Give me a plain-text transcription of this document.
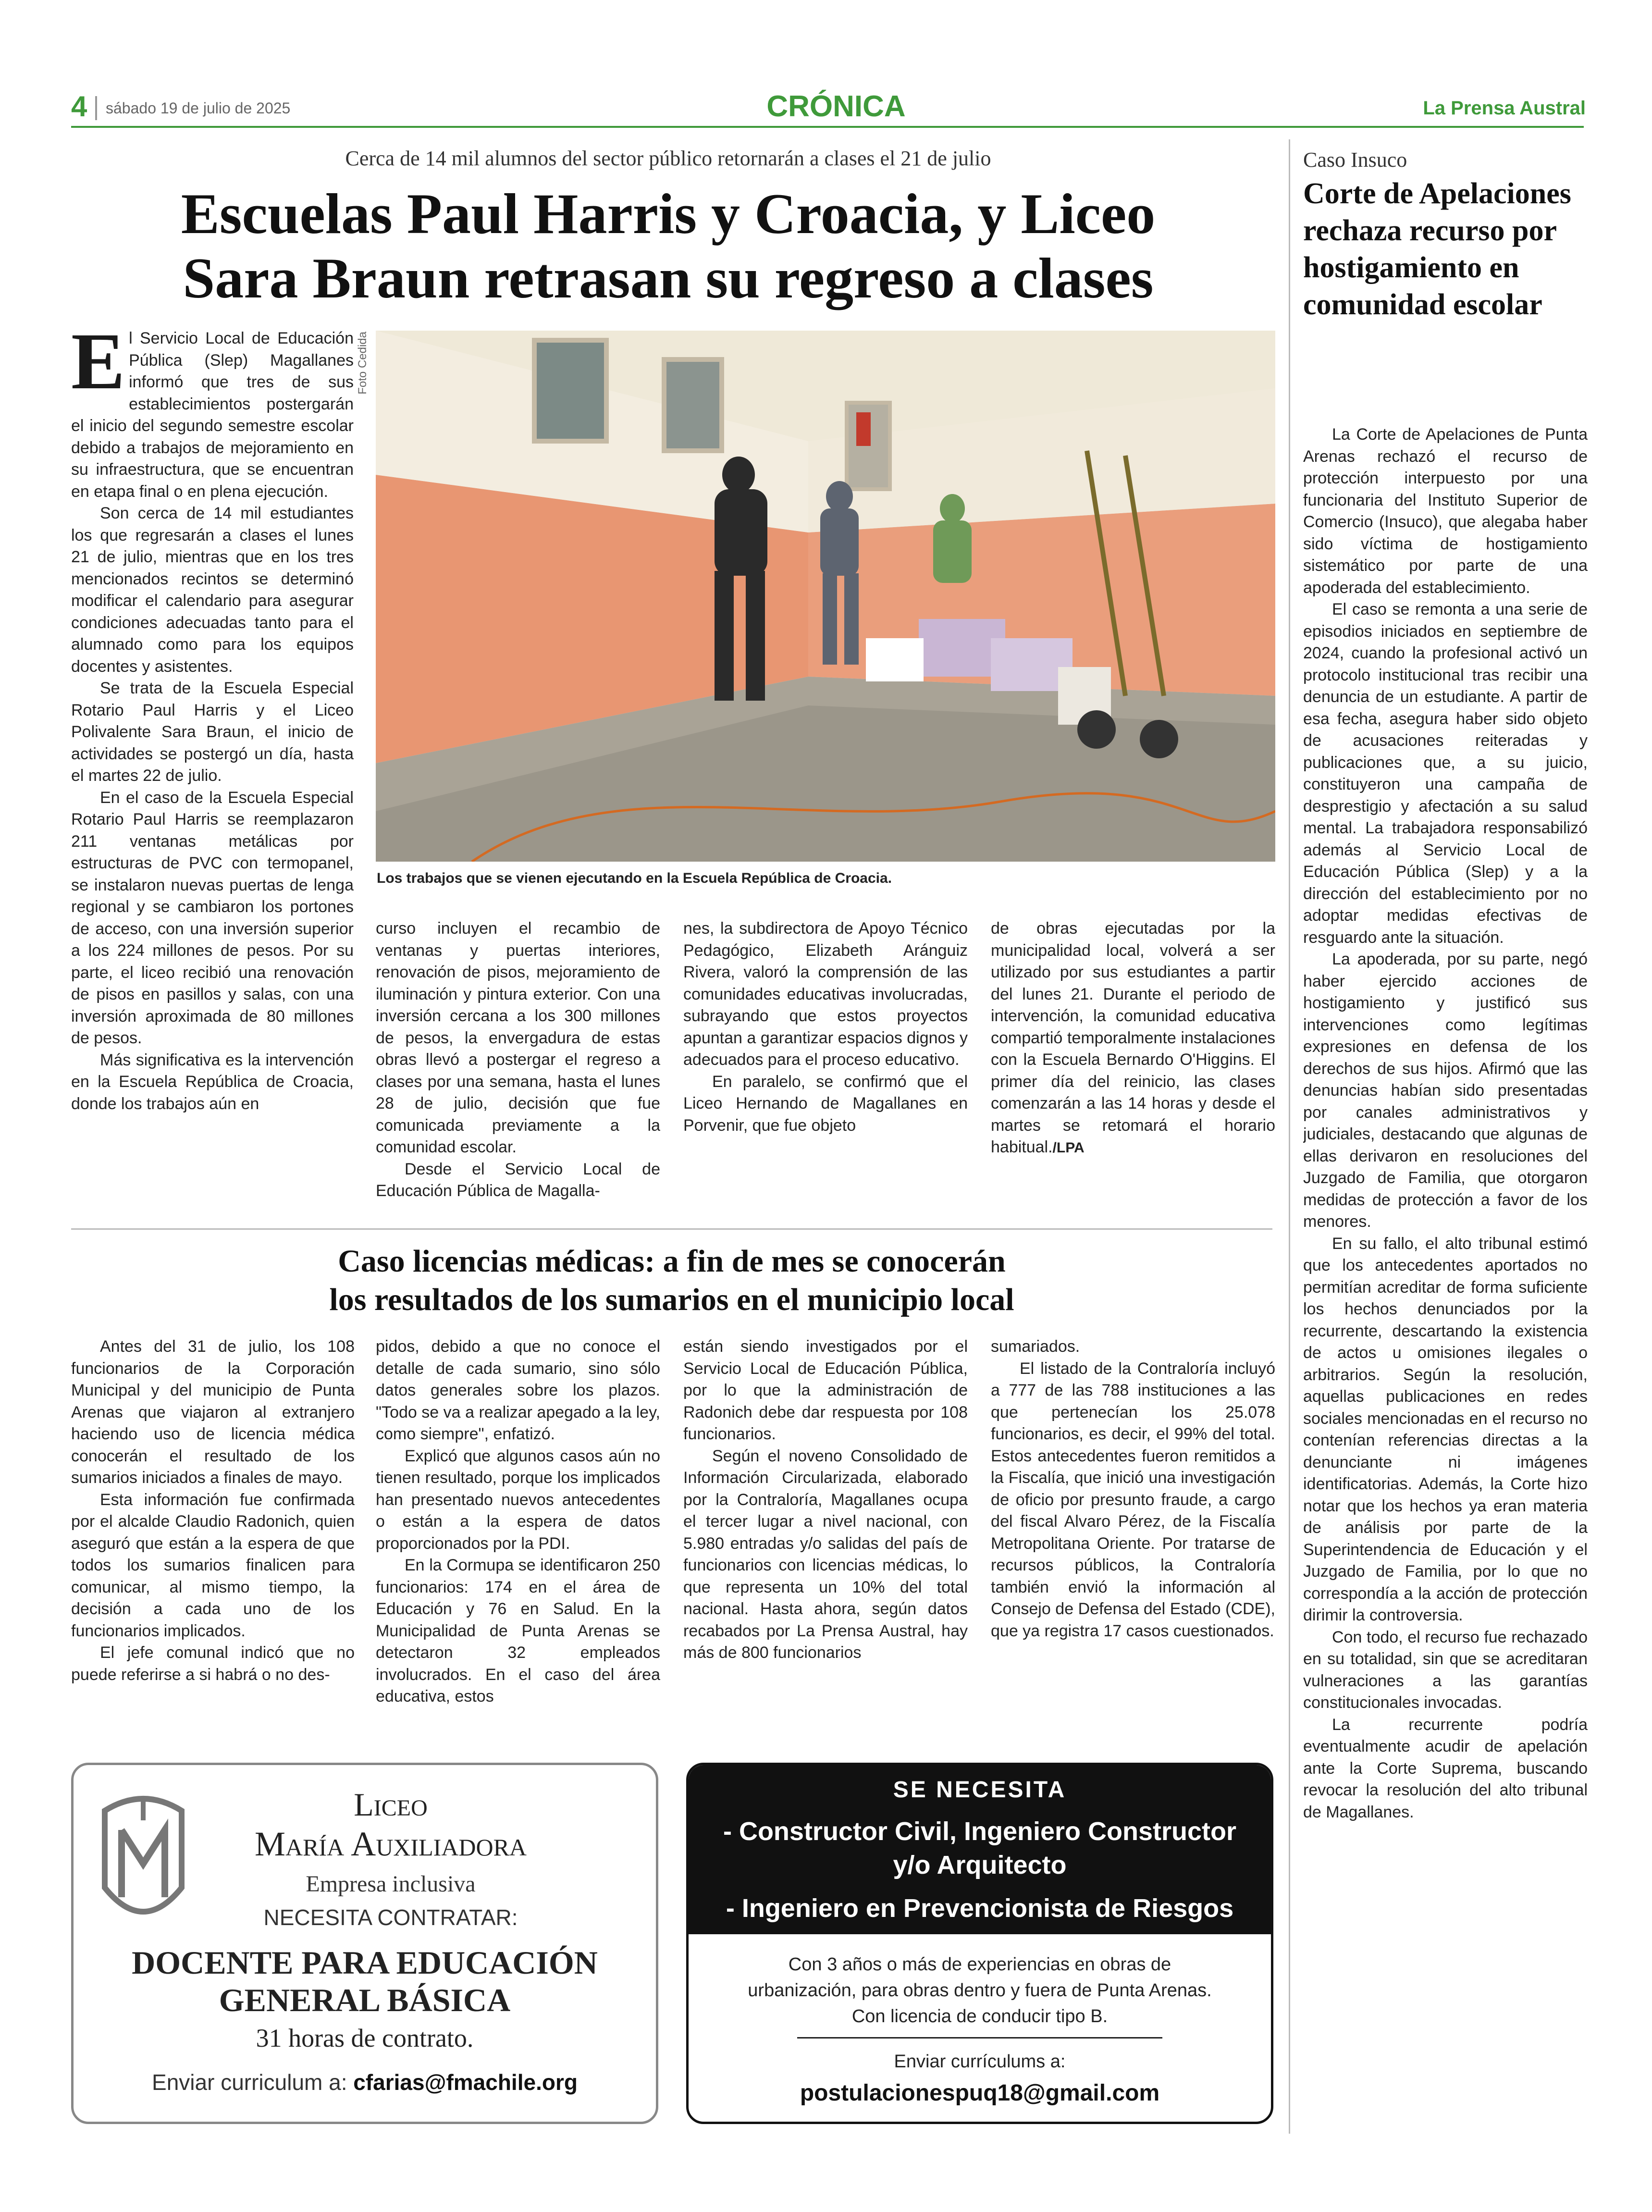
4 sábado 19 de julio de 2025	CRÓNICA	La Prensa Austral
Cerca de 14 mil alumnos del sector público retornarán a clases el 21 de julio
Escuelas Paul Harris y Croacia, y Liceo
Sara Braun retrasan su regreso a clases
E l Servicio Local de Educación Pública (Slep) Magallanes informó que tres de sus establecimientos postergarán el inicio del segundo semestre escolar debido a trabajos de mejoramiento en su infraestructura, que se encuentran en etapa final o en plena ejecución.

Son cerca de 14 mil estudiantes los que regresarán a clases el lunes 21 de julio, mientras que en los tres mencionados recintos se determinó modificar el calendario para asegurar condiciones adecuadas tanto para el alumnado como para los equipos docentes y asistentes.

Se trata de la Escuela Especial Rotario Paul Harris y el Liceo Polivalente Sara Braun, el inicio de actividades se postergó un día, hasta el martes 22 de julio.

En el caso de la Escuela Especial Rotario Paul Harris se reemplazaron 211 ventanas metálicas por estructuras de PVC con termopanel, se instalaron nuevas puertas de lenga regional y se cambiaron los portones de acceso, con una inversión superior a los 224 millones de pesos. Por su parte, el liceo recibió una renovación de pisos en pasillos y salas, con una inversión aproximada de 80 millones de pesos.

Más significativa es la intervención en la Escuela República de Croacia, donde los trabajos aún en

Foto Cedida
Los trabajos que se vienen ejecutando en la Escuela República de Croacia.

curso incluyen el recambio de ventanas y puertas interiores, renovación de pisos, mejoramiento de iluminación y pintura exterior. Con una inversión cercana a los 300 millones de pesos, la envergadura de estas obras llevó a postergar el regreso a clases por una semana, hasta el lunes 28 de julio, decisión que fue comunicada previamente a la comunidad escolar.

Desde el Servicio Local de Educación Pública de Magalla-

nes, la subdirectora de Apoyo Técnico Pedagógico, Elizabeth Aránguiz Rivera, valoró la comprensión de las comunidades educativas involucradas, subrayando que estos proyectos apuntan a garantizar espacios dignos y adecuados para el proceso educativo.

En paralelo, se confirmó que el Liceo Hernando de Magallanes en Porvenir, que fue objeto

de obras ejecutadas por la municipalidad local, volverá a ser utilizado por sus estudiantes a partir del lunes 21. Durante el periodo de intervención, la comunidad educativa compartió temporalmente instalaciones con la Escuela Bernardo O'Higgins. El primer día del reinicio, las clases comenzarán a las 14 horas y desde el martes se retomará el horario habitual./LPA

Caso licencias médicas: a fin de mes se conocerán
los resultados de los sumarios en el municipio local

Antes del 31 de julio, los 108 funcionarios de la Corporación Municipal y del municipio de Punta Arenas que viajaron al extranjero haciendo uso de licencia médica conocerán el resultado de los sumarios iniciados a finales de mayo.

Esta información fue confirmada por el alcalde Claudio Radonich, quien aseguró que están a la espera de que todos los sumarios finalicen para comunicar, al mismo tiempo, la decisión a cada uno de los funcionarios implicados.

El jefe comunal indicó que no puede referirse a si habrá o no des-

pidos, debido a que no conoce el detalle de cada sumario, sino sólo datos generales sobre los plazos. "Todo se va a realizar apegado a la ley, como siempre", enfatizó.

Explicó que algunos casos aún no tienen resultado, porque los implicados han presentado nuevos antecedentes o están a la espera de datos proporcionados por la PDI.

En la Cormupa se identificaron 250 funcionarios: 174 en el área de Educación y 76 en Salud. En la Municipalidad de Punta Arenas se detectaron 32 empleados involucrados. En el caso del área educativa, estos

están siendo investigados por el Servicio Local de Educación Pública, por lo que la administración de Radonich debe dar respuesta por 108 funcionarios.

Según el noveno Consolidado de Información Circularizada, elaborado por la Contraloría, Magallanes ocupa el tercer lugar a nivel nacional, con 5.980 entradas y/o salidas del país de funcionarios con licencias médicas, lo que representa un 10% del total nacional. Hasta ahora, según datos recabados por La Prensa Austral, hay más de 800 funcionarios

sumariados.

El listado de la Contraloría incluyó a 777 de las 788 instituciones a las que pertenecían los 25.078 funcionarios, es decir, el 99% del total. Estos antecedentes fueron remitidos a la Fiscalía, que inició una investigación de oficio por presunto fraude, a cargo del fiscal Alvaro Pérez, de la Fiscalía Metropolitana Oriente. Por tratarse de recursos públicos, la Contraloría también envió la información al Consejo de Defensa del Estado (CDE), que ya registra 17 casos cuestionados.

Caso Insuco
Corte de Apelaciones rechaza recurso por hostigamiento en comunidad escolar

La Corte de Apelaciones de Punta Arenas rechazó el recurso de protección interpuesto por una funcionaria del Instituto Superior de Comercio (Insuco), que alegaba haber sido víctima de hostigamiento sistemático por parte de una apoderada del establecimiento.

El caso se remonta a una serie de episodios iniciados en septiembre de 2024, cuando la profesional activó un protocolo institucional tras recibir una denuncia de un estudiante. A partir de esa fecha, asegura haber sido objeto de acusaciones reiteradas y publicaciones que, a su juicio, constituyeron una campaña de desprestigio y afectación a su salud mental. La trabajadora responsabilizó además al Servicio Local de Educación Pública (Slep) y a la dirección del establecimiento por no adoptar medidas efectivas de resguardo ante la situación.

La apoderada, por su parte, negó haber ejercido acciones de hostigamiento y justificó sus intervenciones como legítimas expresiones en defensa de los derechos de sus hijos. Afirmó que las denuncias habían sido presentadas por canales administrativos y judiciales, destacando que algunas de ellas derivaron en resoluciones del Juzgado de Familia, que otorgaron medidas de protección a favor de los menores.

En su fallo, el alto tribunal estimó que los antecedentes aportados no permitían acreditar de forma suficiente los hechos denunciados por la recurrente, descartando la existencia de actos u omisiones ilegales o arbitrarios. Según la resolución, aquellas publicaciones en redes sociales mencionadas en el recurso no contenían referencias directas a la denunciante ni imágenes identificatorias. Además, la Corte hizo notar que los hechos ya eran materia de análisis por parte de la Superintendencia de Educación y el Juzgado de Familia, por lo que no correspondía a la acción de protección dirimir la controversia.

Con todo, el recurso fue rechazado en su totalidad, sin que se acreditaran vulneraciones a las garantías constitucionales invocadas.

La recurrente podría eventualmente acudir de apelación ante la Corte Suprema, buscando revocar la resolución del alto tribunal de Magallanes.

Liceo
María Auxiliadora
Empresa inclusiva
NECESITA CONTRATAR:
DOCENTE PARA EDUCACIÓN
GENERAL BÁSICA
31 horas de contrato.
Enviar curriculum a: cfarias@fmachile.org
SE NECESITA
- Constructor Civil, Ingeniero Constructor
y/o Arquitecto
- Ingeniero en Prevencionista de Riesgos
Con 3 años o más de experiencias en obras de
urbanización, para obras dentro y fuera de Punta Arenas.
Con licencia de conducir tipo B.
Enviar currículums a:
postulacionespuq18@gmail.com
